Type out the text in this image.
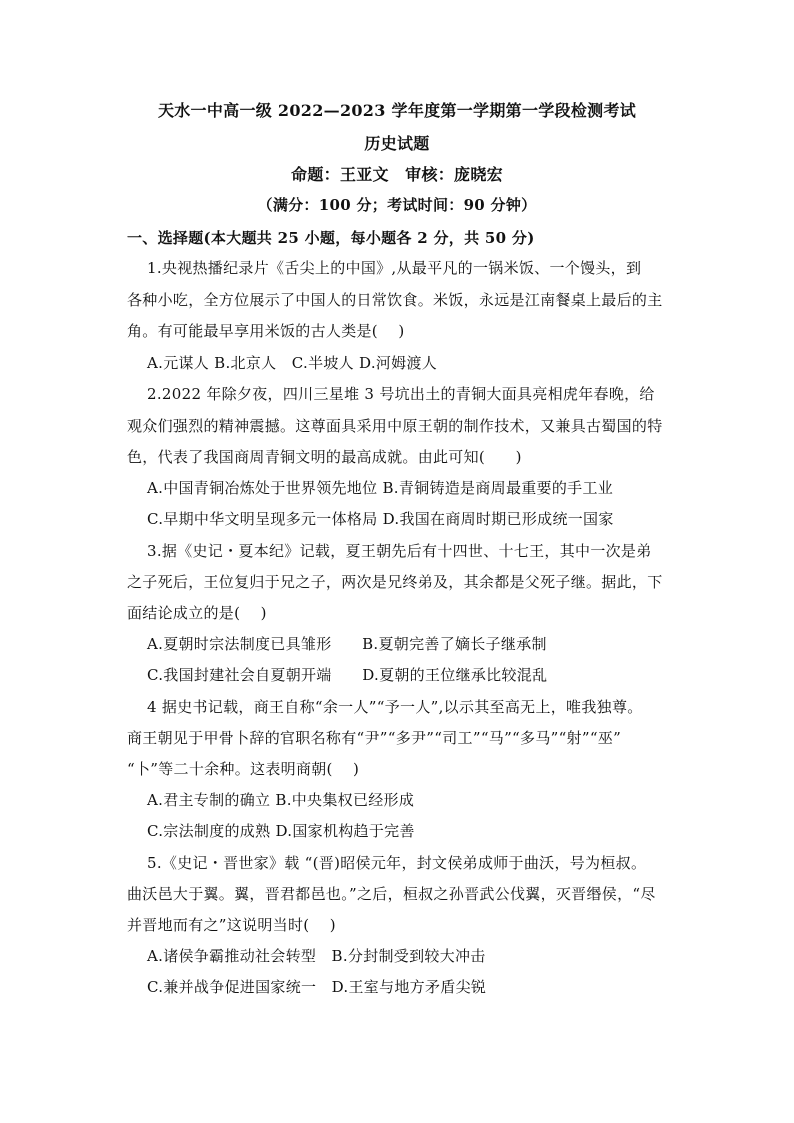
天水一中高一级 2022—2023 学年度第一学期第一学段检测考试
历史试题
命题：王亚文　审核：庞晓宏
（满分：100 分；考试时间：90 分钟）
一、选择题(本大题共 25 小题，每小题各 2 分，共 50 分)
1.央视热播纪录片《舌尖上的中国》,从最平凡的一锅米饭、一个馒头，到
各种小吃，全方位展示了中国人的日常饮食。米饭，永远是江南餐桌上最后的主
角。有可能最早享用米饭的古人类是(　 )
A.元谋人 B.北京人　C.半坡人 D.河姆渡人
2.2022 年除夕夜，四川三星堆 3 号坑出土的青铜大面具亮相虎年春晚，给
观众们强烈的精神震撼。这尊面具采用中原王朝的制作技术，又兼具古蜀国的特
色，代表了我国商周青铜文明的最高成就。由此可知(　　)
A.中国青铜冶炼处于世界领先地位 B.青铜铸造是商周最重要的手工业
C.早期中华文明呈现多元一体格局 D.我国在商周时期已形成统一国家
3.据《史记・夏本纪》记载，夏王朝先后有十四世、十七王，其中一次是弟
之子死后，王位复归于兄之子，两次是兄终弟及，其余都是父死子继。据此，下
面结论成立的是(　 )
A.夏朝时宗法制度已具雏形　　B.夏朝完善了嫡长子继承制
C.我国封建社会自夏朝开端　　D.夏朝的王位继承比较混乱
4 据史书记载，商王自称“余一人”“予一人”,以示其至高无上，唯我独尊。
商王朝见于甲骨卜辞的官职名称有“尹”“多尹”“司工”“马”“多马”“射”“巫”
“卜”等二十余种。这表明商朝(　 )
A.君主专制的确立 B.中央集权已经形成
C.宗法制度的成熟 D.国家机构趋于完善
5.《史记・晋世家》载 “(晋)昭侯元年，封文侯弟成师于曲沃，号为桓叔。
曲沃邑大于翼。翼，晋君都邑也。”之后，桓叔之孙晋武公伐翼，灭晋缗侯，“尽
并晋地而有之”这说明当时(　 )
A.诸侯争霸推动社会转型　B.分封制受到较大冲击
C.兼并战争促进国家统一　D.王室与地方矛盾尖锐
